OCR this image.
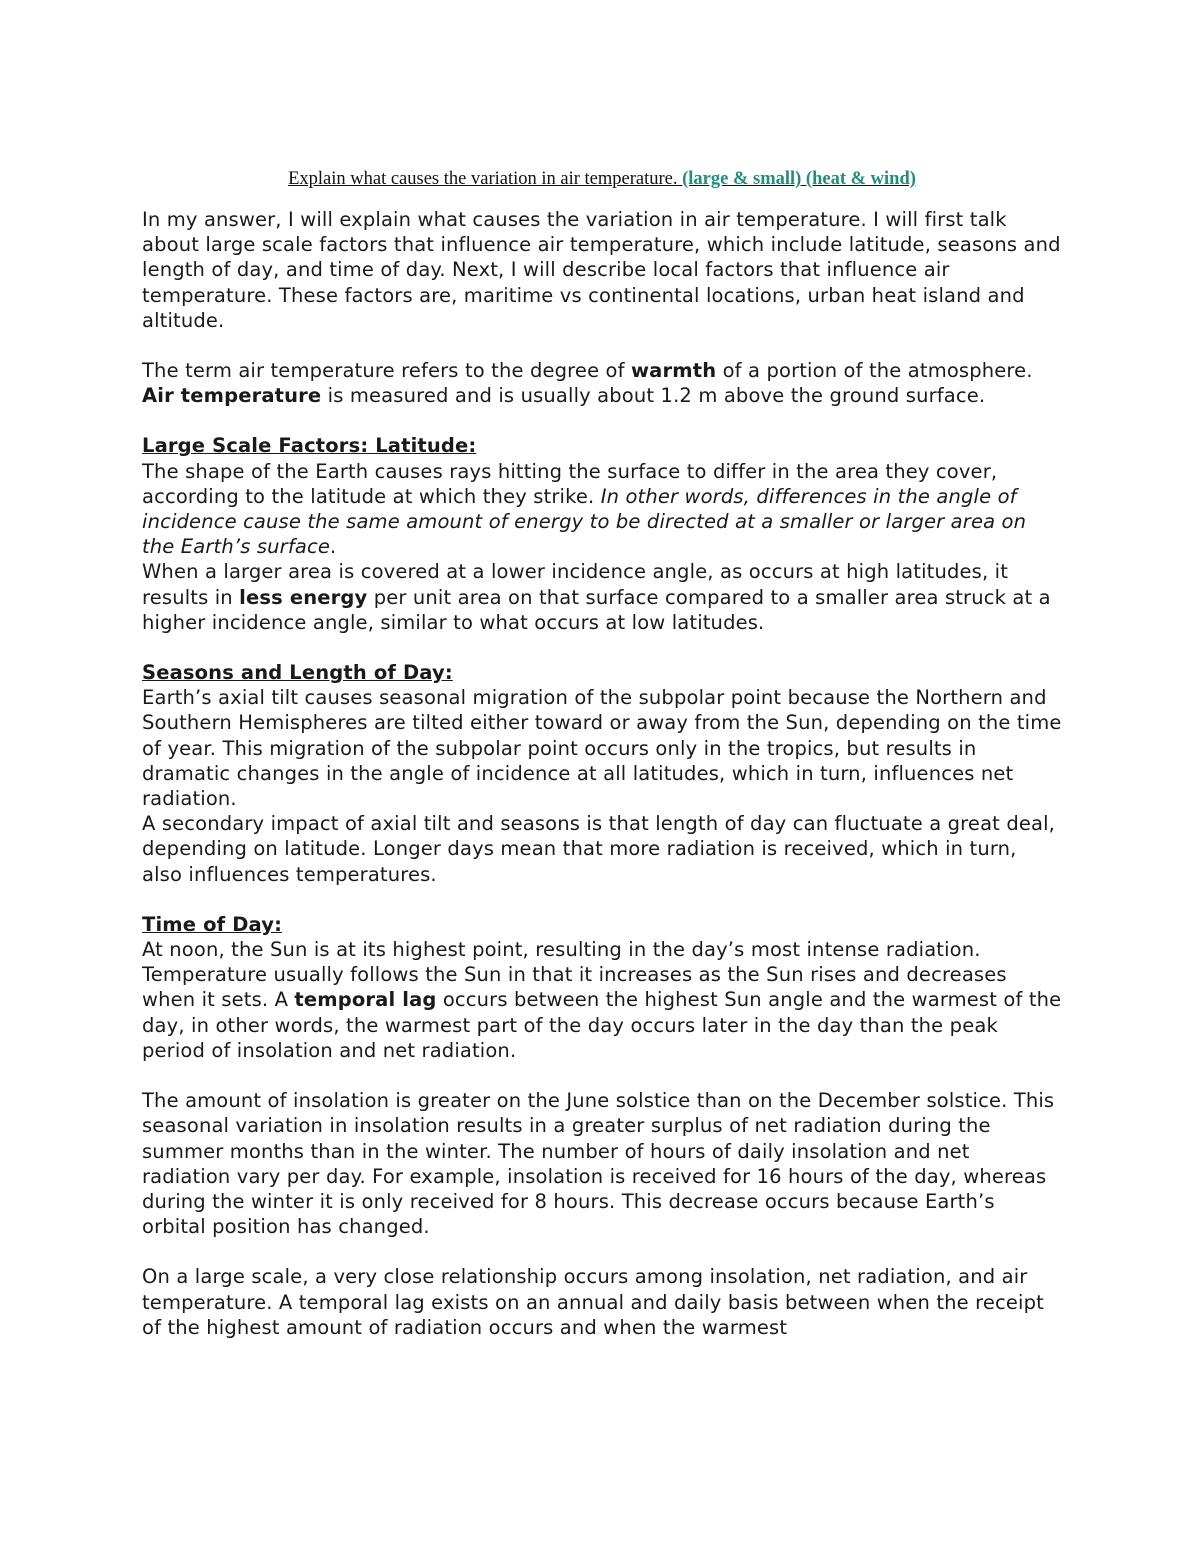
Explain what causes the variation in air temperature. (large & small) (heat & wind)

In my answer, I will explain what causes the variation in air temperature. I will first talk about large scale factors that influence air temperature, which include latitude, seasons and length of day, and time of day. Next, I will describe local factors that influence air temperature. These factors are, maritime vs continental locations, urban heat island and altitude.

The term air temperature refers to the degree of warmth of a portion of the atmosphere. Air temperature is measured and is usually about 1.2 m above the ground surface.

Large Scale Factors: Latitude:

The shape of the Earth causes rays hitting the surface to differ in the area they cover, according to the latitude at which they strike. In other words, differences in the angle of incidence cause the same amount of energy to be directed at a smaller or larger area on the Earth’s surface.

When a larger area is covered at a lower incidence angle, as occurs at high latitudes, it results in less energy per unit area on that surface compared to a smaller area struck at a higher incidence angle, similar to what occurs at low latitudes.

Seasons and Length of Day:

Earth’s axial tilt causes seasonal migration of the subpolar point because the Northern and Southern Hemispheres are tilted either toward or away from the Sun, depending on the time of year. This migration of the subpolar point occurs only in the tropics, but results in dramatic changes in the angle of incidence at all latitudes, which in turn, influences net radiation.

A secondary impact of axial tilt and seasons is that length of day can fluctuate a great deal, depending on latitude. Longer days mean that more radiation is received, which in turn, also influences temperatures.

Time of Day:

At noon, the Sun is at its highest point, resulting in the day’s most intense radiation. Temperature usually follows the Sun in that it increases as the Sun rises and decreases when it sets. A temporal lag occurs between the highest Sun angle and the warmest of the day, in other words, the warmest part of the day occurs later in the day than the peak period of insolation and net radiation.

The amount of insolation is greater on the June solstice than on the December solstice. This seasonal variation in insolation results in a greater surplus of net radiation during the summer months than in the winter. The number of hours of daily insolation and net radiation vary per day. For example, insolation is received for 16 hours of the day, whereas during the winter it is only received for 8 hours. This decrease occurs because Earth’s orbital position has changed.

On a large scale, a very close relationship occurs among insolation, net radiation, and air temperature. A temporal lag exists on an annual and daily basis between when the receipt of the highest amount of radiation occurs and when the warmest
